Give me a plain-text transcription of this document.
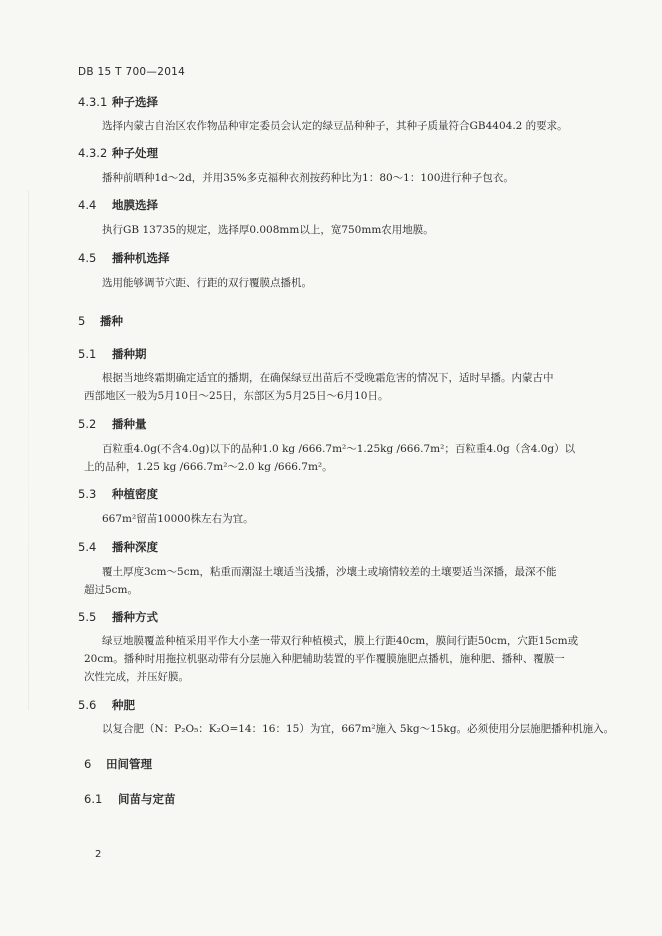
DB 15 T 700—2014
4.3.1 种子选择
选择内蒙古自治区农作物品种审定委员会认定的绿豆品种种子，其种子质量符合GB4404.2 的要求。
4.3.2 种子处理
播种前晒种1d～2d，并用35%多克福种衣剂按药种比为1：80～1：100进行种子包衣。
4.4 地膜选择
执行GB 13735的规定，选择厚0.008mm以上，宽750mm农用地膜。
4.5 播种机选择
选用能够调节穴距、行距的双行覆膜点播机。
5 播种
5.1 播种期
根据当地终霜期确定适宜的播期，在确保绿豆出苗后不受晚霜危害的情况下，适时早播。内蒙古中
西部地区一般为5月10日～25日，东部区为5月25日～6月10日。
5.2 播种量
百粒重4.0g(不含4.0g)以下的品种1.0 kg /666.7m²～1.25kg /666.7m²；百粒重4.0g（含4.0g）以
上的品种，1.25 kg /666.7m²～2.0 kg /666.7m²。
5.3 种植密度
667m²留苗10000株左右为宜。
5.4 播种深度
覆土厚度3cm～5cm，粘重而潮湿土壤适当浅播，沙壤土或墒情较差的土壤要适当深播，最深不能
超过5cm。
5.5 播种方式
绿豆地膜覆盖种植采用平作大小垄一带双行种植模式，膜上行距40cm，膜间行距50cm，穴距15cm或
20cm。播种时用拖拉机驱动带有分层施入种肥辅助装置的平作覆膜施肥点播机，施种肥、播种、覆膜一
次性完成，并压好膜。
5.6 种肥
以复合肥（N：P₂O₅：K₂O=14：16：15）为宜，667m²施入 5kg～15kg。必须使用分层施肥播种机施入。
6 田间管理
6.1 间苗与定苗
2
